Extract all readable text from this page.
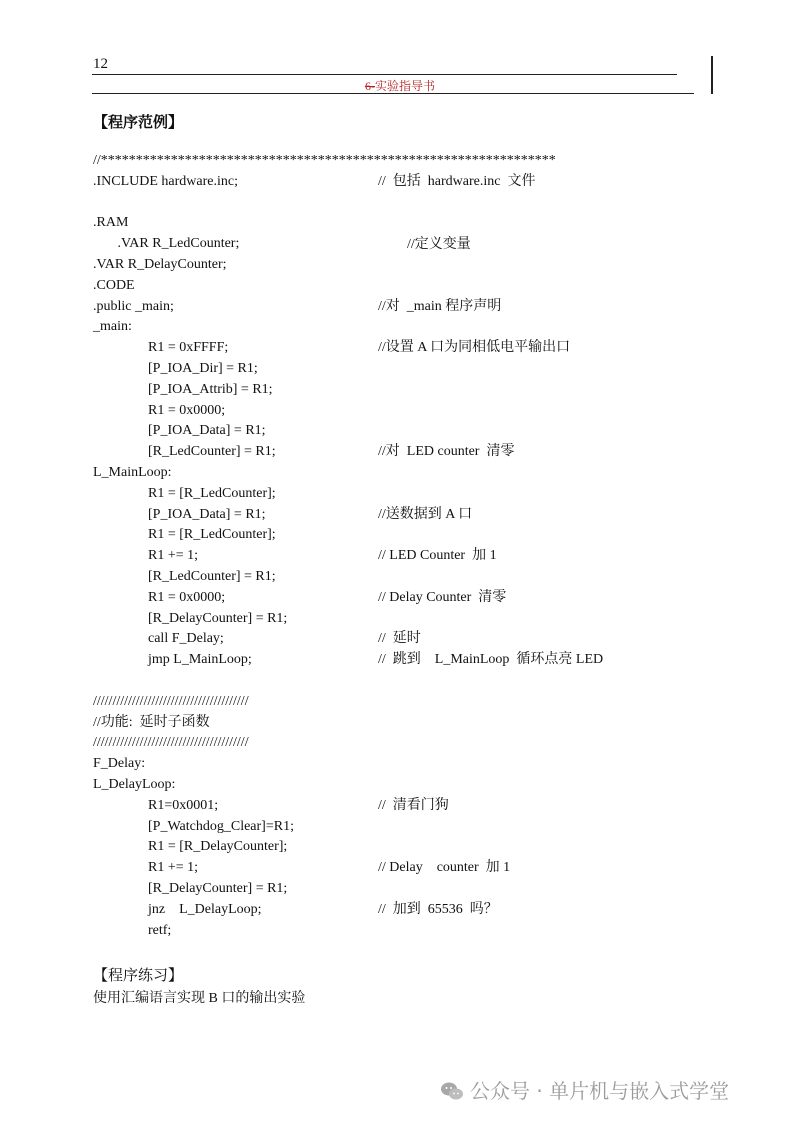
12
6-实验指导书
【程序范例】
//*****************************************************************
.INCLUDE hardware.inc;	//  包括  hardware.inc  文件
.RAM
.VAR R_LedCounter;
.VAR R_DelayCounter;
.CODE
.public _main;	//对  _main 程序声明
_main:
R1 = 0xFFFF;	//设置 A 口为同相低电平输出口
[P_IOA_Dir] = R1;
[P_IOA_Attrib] = R1;
R1 = 0x0000;
[P_IOA_Data] = R1;
[R_LedCounter] = R1;	//对  LED counter  清零
L_MainLoop:
R1 = [R_LedCounter];
[P_IOA_Data] = R1;	//送数据到 A 口
R1 = [R_LedCounter];
R1 += 1;	// LED Counter  加 1
[R_LedCounter] = R1;
R1 = 0x0000;	// Delay Counter  清零
[R_DelayCounter] = R1;
call F_Delay;	//  延时
jmp L_MainLoop;	//  跳到    L_MainLoop  循环点亮 LED
////////////////////////////////////////
//功能:  延时子函数
////////////////////////////////////////
F_Delay:
L_DelayLoop:
R1=0x0001;	//  清看门狗
[P_Watchdog_Clear]=R1;
R1 = [R_DelayCounter];
R1 += 1;	// Delay    counter  加 1
[R_DelayCounter] = R1;
jnz    L_DelayLoop;	//  加到  65536  吗？
retf;
//定义变量
【程序练习】
使用汇编语言实现 B 口的输出实验
公众号 · 单片机与嵌入式学堂
